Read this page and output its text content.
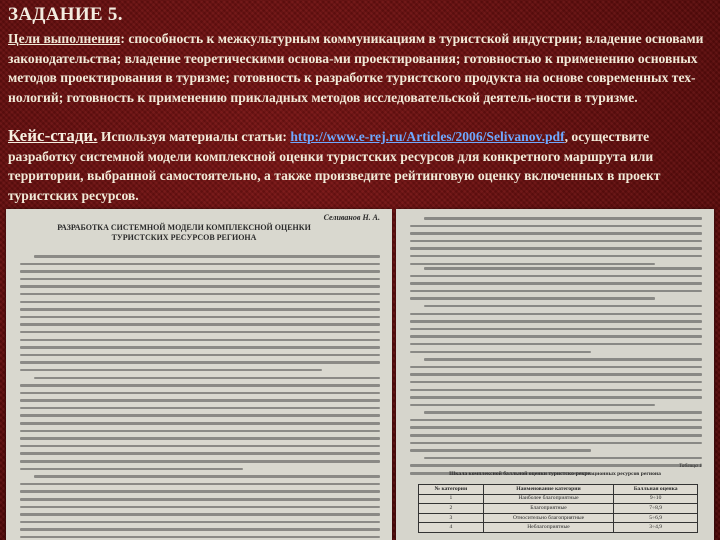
ЗАДАНИЕ 5.
Цели выполнения: способность к межкультурным коммуникациям в туристской индустрии; владение основами законодательства; владение теоретическими основа-ми проектирования; готовностью к применению основных методов проектирования в туризме; готовность к разработке туристского продукта на основе современных тех-нологий; готовность к применению прикладных методов исследовательской деятель-ности в туризме.
Кейс-стади. Используя материалы статьи: http://www.e-rej.ru/Articles/2006/Selivanov.pdf, осуществите разработку системной модели комплексной оценки туристских ресурсов для конкретного маршрута или территории, выбранной самостоятельно, а также произведите рейтинговую оценку включенных в проект туристских ресурсов.
Селиванов Н. А.
РАЗРАБОТКА СИСТЕМНОЙ МОДЕЛИ КОМПЛЕКСНОЙ ОЦЕНКИ ТУРИСТСКИХ РЕСУРСОВ РЕГИОНА
Таблица 1
Шкала комплексной балльной оценки туристско-рекреационных ресурсов региона
№ категории	Наименование категории	Балльная оценка
1	Наиболее благоприятные	9÷10
2	Благоприятные	7÷8,9
3	Относительно благоприятные	5÷6,9
4	Неблагоприятные	3÷4,9
